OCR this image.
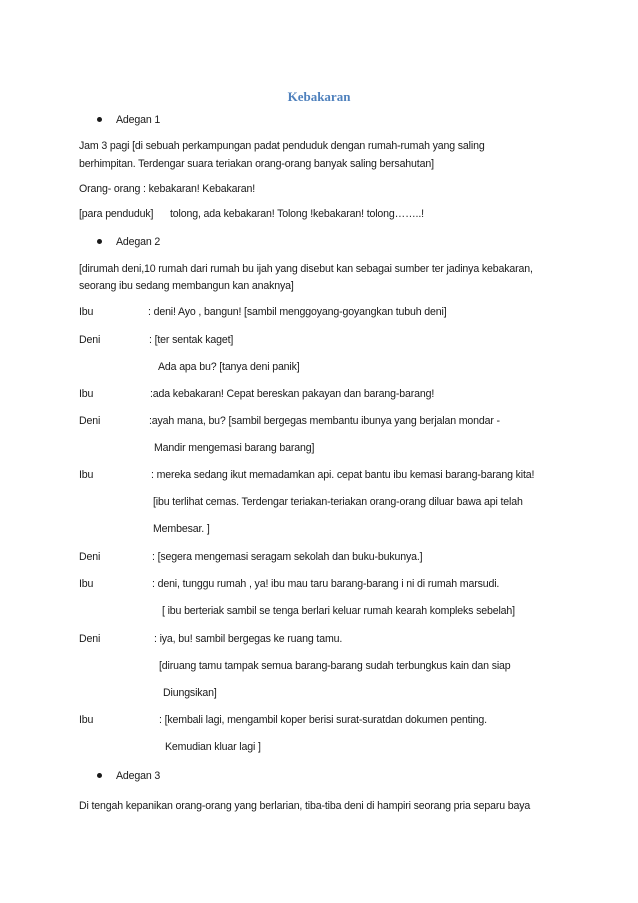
Kebakaran
Adegan 1
Jam 3 pagi [di sebuah perkampungan padat penduduk dengan rumah-rumah yang saling
berhimpitan. Terdengar suara teriakan orang-orang banyak saling bersahutan]
Orang- orang : kebakaran! Kebakaran!
[para penduduk] tolong, ada kebakaran! Tolong !kebakaran! tolong……..!
Adegan 2
[dirumah deni,10 rumah dari rumah bu ijah yang disebut kan sebagai sumber ter jadinya kebakaran,
seorang ibu sedang membangun kan anaknya]
Ibu	: deni! Ayo , bangun! [sambil menggoyang-goyangkan tubuh deni]
Deni	: [ter sentak kaget]
Ada apa bu? [tanya deni panik]
Ibu	:ada kebakaran! Cepat bereskan pakayan dan barang-barang!
Deni	:ayah mana, bu? [sambil bergegas membantu ibunya yang berjalan mondar -
Mandir mengemasi barang barang]
Ibu	: mereka sedang ikut memadamkan api. cepat bantu ibu kemasi barang-barang kita!
[ibu terlihat cemas. Terdengar teriakan-teriakan orang-orang diluar bawa api telah
Membesar. ]
Deni	: [segera mengemasi seragam sekolah dan buku-bukunya.]
Ibu	: deni, tunggu rumah , ya! ibu mau taru barang-barang i ni di rumah marsudi.
[ ibu berteriak sambil se tenga berlari keluar rumah kearah kompleks sebelah]
Deni	: iya, bu! sambil bergegas ke ruang tamu.
[diruang tamu tampak semua barang-barang sudah terbungkus kain dan siap
Diungsikan]
Ibu	: [kembali lagi, mengambil koper berisi surat-suratdan dokumen penting.
Kemudian kluar lagi ]
Adegan 3
Di tengah kepanikan orang-orang yang berlarian, tiba-tiba deni di hampiri seorang pria separu baya
